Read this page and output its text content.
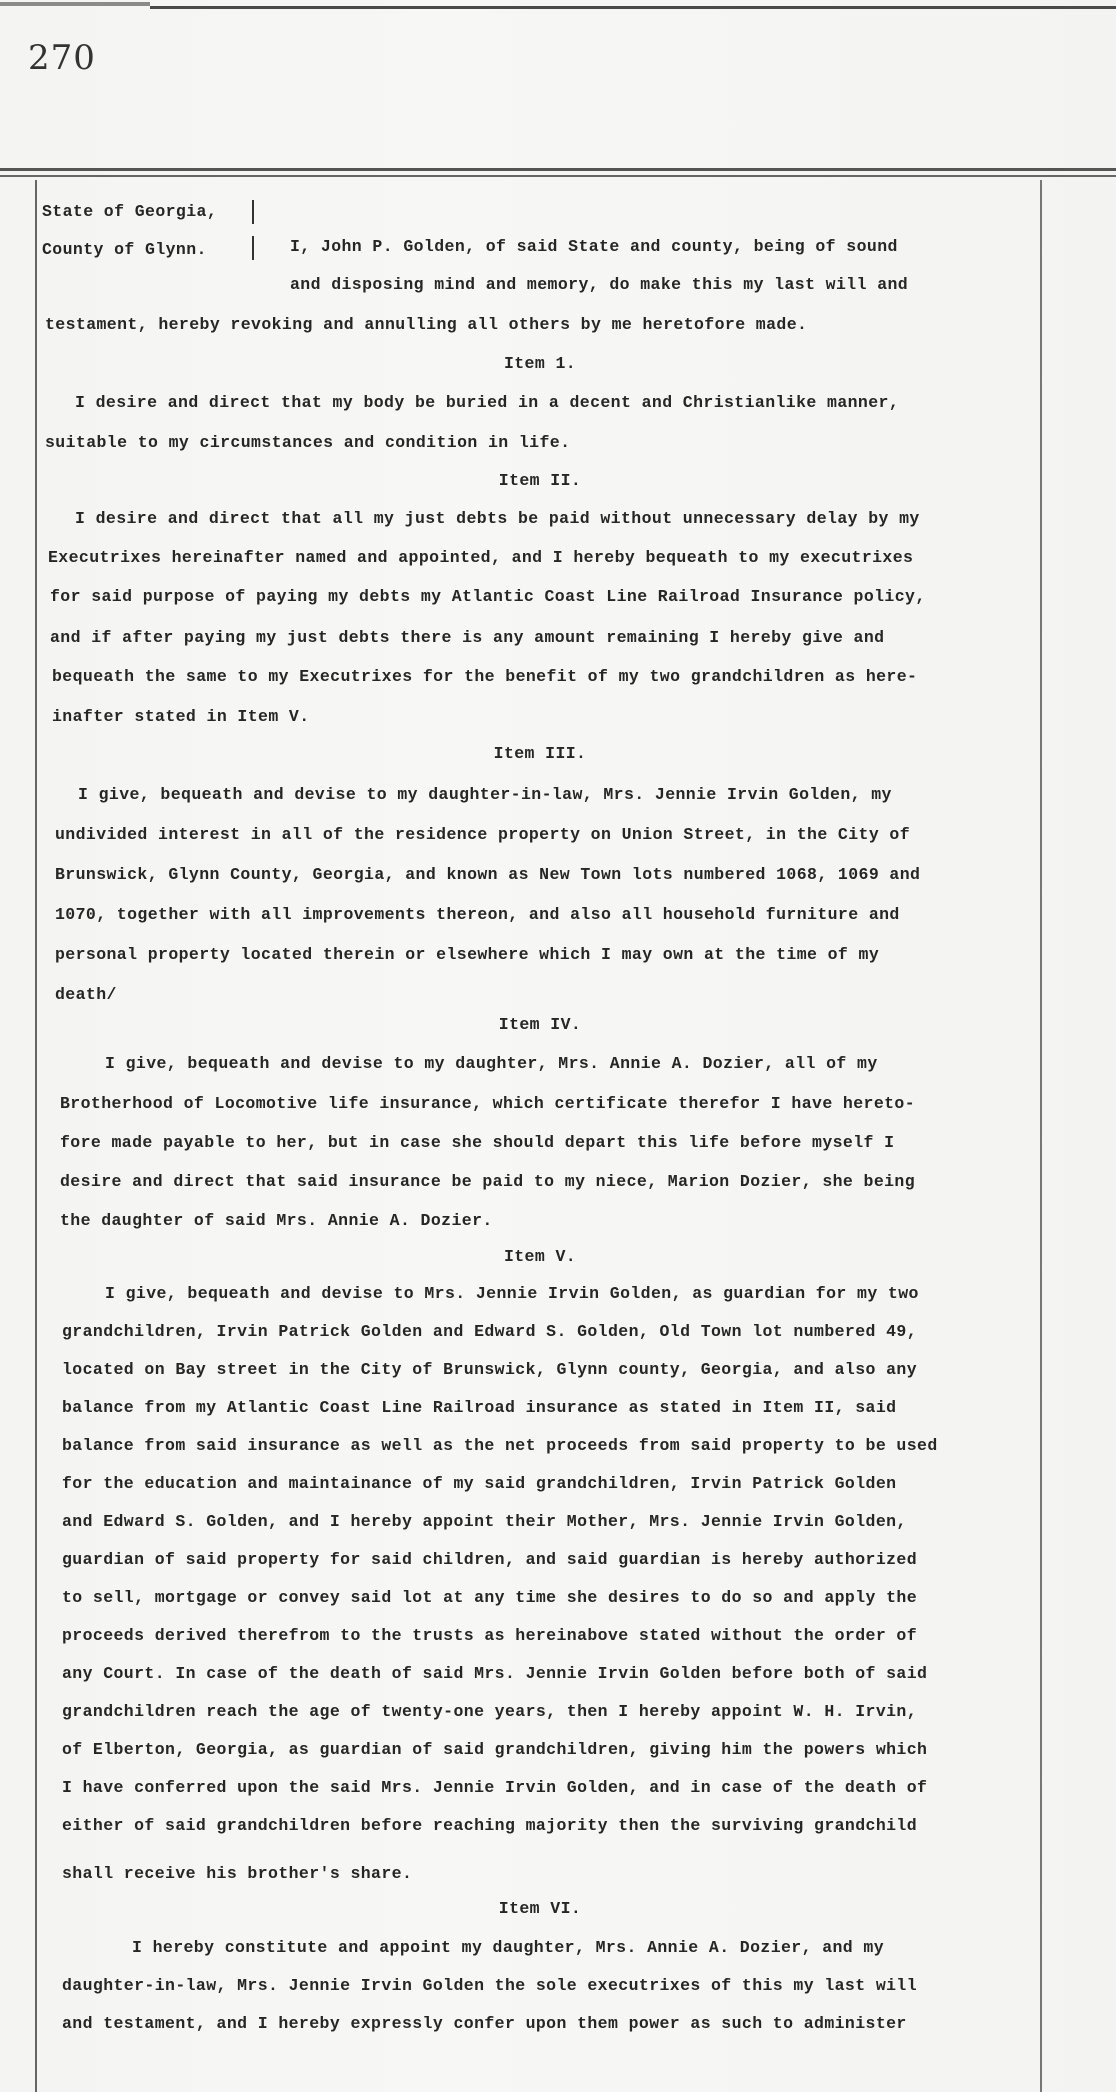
270
State of Georgia,
County of Glynn.	I, John P. Golden, of said State and county, being of sound
and disposing mind and memory, do make this my last will and
testament, hereby revoking and annulling all others by me heretofore made.
Item 1.
I desire and direct that my body be buried in a decent and Christianlike manner,
suitable to my circumstances and condition in life.
Item II.
I desire and direct that all my just debts be paid without unnecessary delay by my
Executrixes hereinafter named and appointed, and I hereby bequeath to my executrixes
for said purpose of paying my debts my Atlantic Coast Line Railroad Insurance policy,
and if after paying my just debts there is any amount remaining I hereby give and
bequeath the same to my Executrixes for the benefit of my two grandchildren as here-
inafter stated in Item V.
Item III.
I give, bequeath and devise to my daughter-in-law, Mrs. Jennie Irvin Golden, my
undivided interest in all of the residence property on Union Street, in the City of
Brunswick, Glynn County, Georgia, and known as New Town lots numbered 1068, 1069 and
1070, together with all improvements thereon, and also all household furniture and
personal property located therein or elsewhere which I may own at the time of my
death/
Item IV.
I give, bequeath and devise to my daughter, Mrs. Annie A. Dozier, all of my
Brotherhood of Locomotive life insurance, which certificate therefor I have hereto-
fore made payable to her, but in case she should depart this life before myself I
desire and direct that said insurance be paid to my niece, Marion Dozier, she being
the daughter of said Mrs. Annie A. Dozier.
Item V.
I give, bequeath and devise to Mrs. Jennie Irvin Golden, as guardian for my two
grandchildren, Irvin Patrick Golden and Edward S. Golden, Old Town lot numbered 49,
located on Bay street in the City of Brunswick, Glynn county, Georgia, and also any
balance from my Atlantic Coast Line Railroad insurance as stated in Item II, said
balance from said insurance as well as the net proceeds from said property to be used
for the education and maintainance of my said grandchildren, Irvin Patrick Golden
and Edward S. Golden, and I hereby appoint their Mother, Mrs. Jennie Irvin Golden,
guardian of said property for said children, and said guardian is hereby authorized
to sell, mortgage or convey said lot at any time she desires to do so and apply the
proceeds derived therefrom to the trusts as hereinabove stated without the order of
any Court. In case of the death of said Mrs. Jennie Irvin Golden before both of said
grandchildren reach the age of twenty-one years, then I hereby appoint W. H. Irvin,
of Elberton, Georgia, as guardian of said grandchildren, giving him the powers which
I have conferred upon the said Mrs. Jennie Irvin Golden, and in case of the death of
either of said grandchildren before reaching majority then the surviving grandchild
shall receive his brother's share.
Item VI.
I hereby constitute and appoint my daughter, Mrs. Annie A. Dozier, and my
daughter-in-law, Mrs. Jennie Irvin Golden the sole executrixes of this my last will
and testament, and I hereby expressly confer upon them power as such to administer
